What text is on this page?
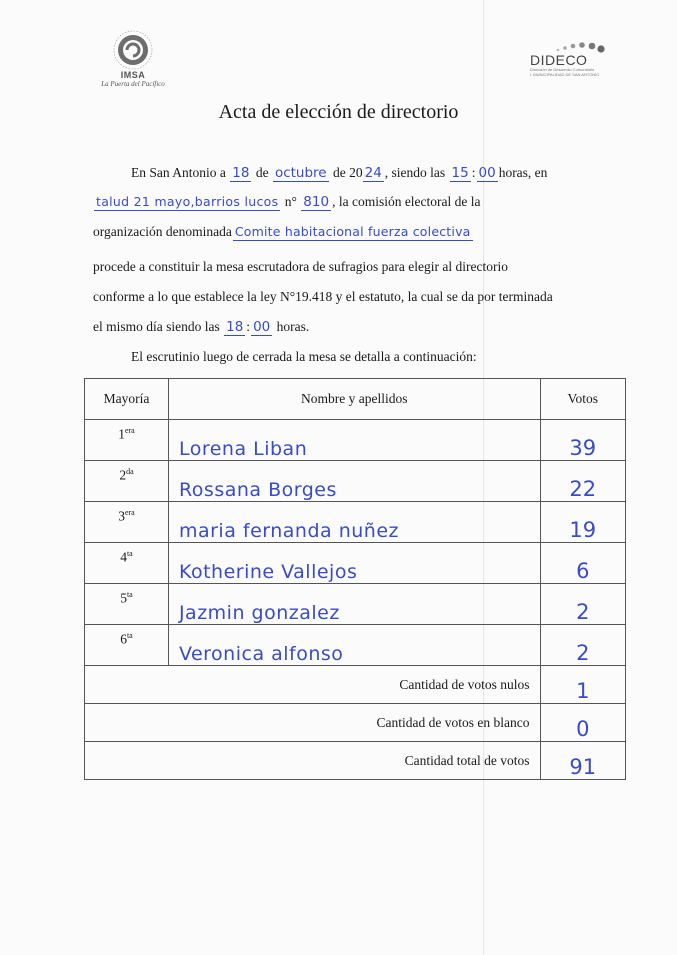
IMSA
La Puerta del Pacífico
DIDECO
Dirección de Desarrollo Comunitario
I. MUNICIPALIDAD DE SAN ANTONIO
Acta de elección de directorio
En San Antonio a 18 de octubre de 20 24 , siendo las 15 : 00 horas, en
talud 21 mayo,barrios lucos n° 810 , la comisión electoral de la
organización denominada Comite habitacional fuerza colectiva
procede a constituir la mesa escrutadora de sufragios para elegir al directorio
conforme a lo que establece la ley N°19.418 y el estatuto, la cual se da por terminada
el mismo día siendo las 18 : 00 horas.
El escrutinio luego de cerrada la mesa se detalla a continuación:
Mayoría	Nombre y apellidos	Votos
$1^{era}$	Lorena Liban	39
$2^{da}$	Rossana Borges	22
$3^{era}$	maria fernanda nuñez	19
$4^{ta}$	Kotherine Vallejos	6
$5^{ta}$	Jazmin gonzalez	2
$6^{ta}$	Veronica alfonso	2
Cantidad de votos nulos		1
Cantidad de votos en blanco		0
Cantidad total de votos		91
